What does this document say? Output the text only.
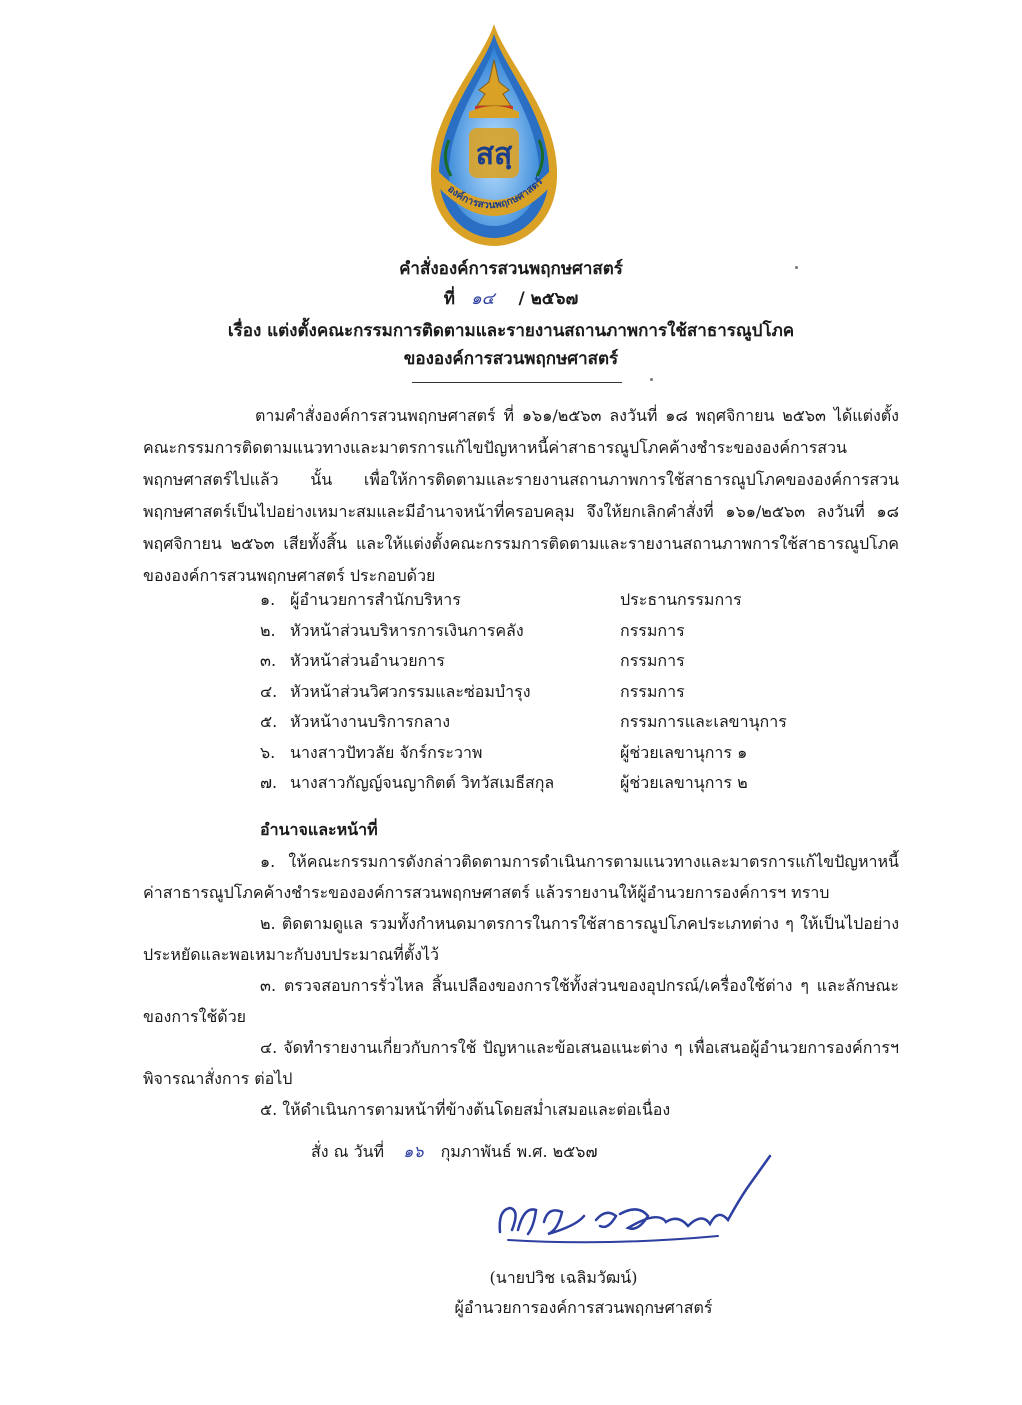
สสฺ
องค์การสวนพฤกษศาสตร์
คำสั่งองค์การสวนพฤกษศาสตร์
ที่ ๑๔ / ๒๕๖๗
เรื่อง แต่งตั้งคณะกรรมการติดตามและรายงานสถานภาพการใช้สาธารณูปโภค
ขององค์การสวนพฤกษศาสตร์
ตามคำสั่งองค์การสวนพฤกษศาสตร์ ที่ ๑๖๑/๒๕๖๓ ลงวันที่ ๑๘ พฤศจิกายน ๒๕๖๓ ได้แต่งตั้งคณะกรรมการติดตามแนวทางและมาตรการแก้ไขปัญหาหนี้ค่าสาธารณูปโภคค้างชำระขององค์การสวนพฤกษศาสตร์ไปแล้ว นั้น เพื่อให้การติดตามและรายงานสถานภาพการใช้สาธารณูปโภคขององค์การสวนพฤกษศาสตร์เป็นไปอย่างเหมาะสมและมีอำนาจหน้าที่ครอบคลุม จึงให้ยกเลิกคำสั่งที่ ๑๖๑/๒๕๖๓ ลงวันที่ ๑๘ พฤศจิกายน ๒๕๖๓ เสียทั้งสิ้น และให้แต่งตั้งคณะกรรมการติดตามและรายงานสถานภาพการใช้สาธารณูปโภคขององค์การสวนพฤกษศาสตร์ ประกอบด้วย
๑. ผู้อำนวยการสำนักบริหาร	ประธานกรรมการ
๒. หัวหน้าส่วนบริหารการเงินการคลัง	กรรมการ
๓. หัวหน้าส่วนอำนวยการ	กรรมการ
๔. หัวหน้าส่วนวิศวกรรมและซ่อมบำรุง	กรรมการ
๕. หัวหน้างานบริการกลาง	กรรมการและเลขานุการ
๖. นางสาวปัทวลัย จักร์กระวาพ	ผู้ช่วยเลขานุการ ๑
๗. นางสาวกัญญ์จนญากิตต์ วิทวัสเมธีสกุล	ผู้ช่วยเลขานุการ ๒
อำนาจและหน้าที่

๑. ให้คณะกรรมการดังกล่าวติดตามการดำเนินการตามแนวทางและมาตรการแก้ไขปัญหาหนี้ค่าสาธารณูปโภคค้างชำระขององค์การสวนพฤกษศาสตร์ แล้วรายงานให้ผู้อำนวยการองค์การฯ ทราบ

๒. ติดตามดูแล รวมทั้งกำหนดมาตรการในการใช้สาธารณูปโภคประเภทต่าง ๆ ให้เป็นไปอย่างประหยัดและพอเหมาะกับงบประมาณที่ตั้งไว้

๓. ตรวจสอบการรั่วไหล สิ้นเปลืองของการใช้ทั้งส่วนของอุปกรณ์/เครื่องใช้ต่าง ๆ และลักษณะของการใช้ด้วย

๔. จัดทำรายงานเกี่ยวกับการใช้ ปัญหาและข้อเสนอแนะต่าง ๆ เพื่อเสนอผู้อำนวยการองค์การฯ พิจารณาสั่งการ ต่อไป

๕. ให้ดำเนินการตามหน้าที่ข้างต้นโดยสม่ำเสมอและต่อเนื่อง

สั่ง ณ วันที่ ๑๖ กุมภาพันธ์ พ.ศ. ๒๕๖๗
(นายปวิช เฉลิมวัฒน์)
ผู้อำนวยการองค์การสวนพฤกษศาสตร์
